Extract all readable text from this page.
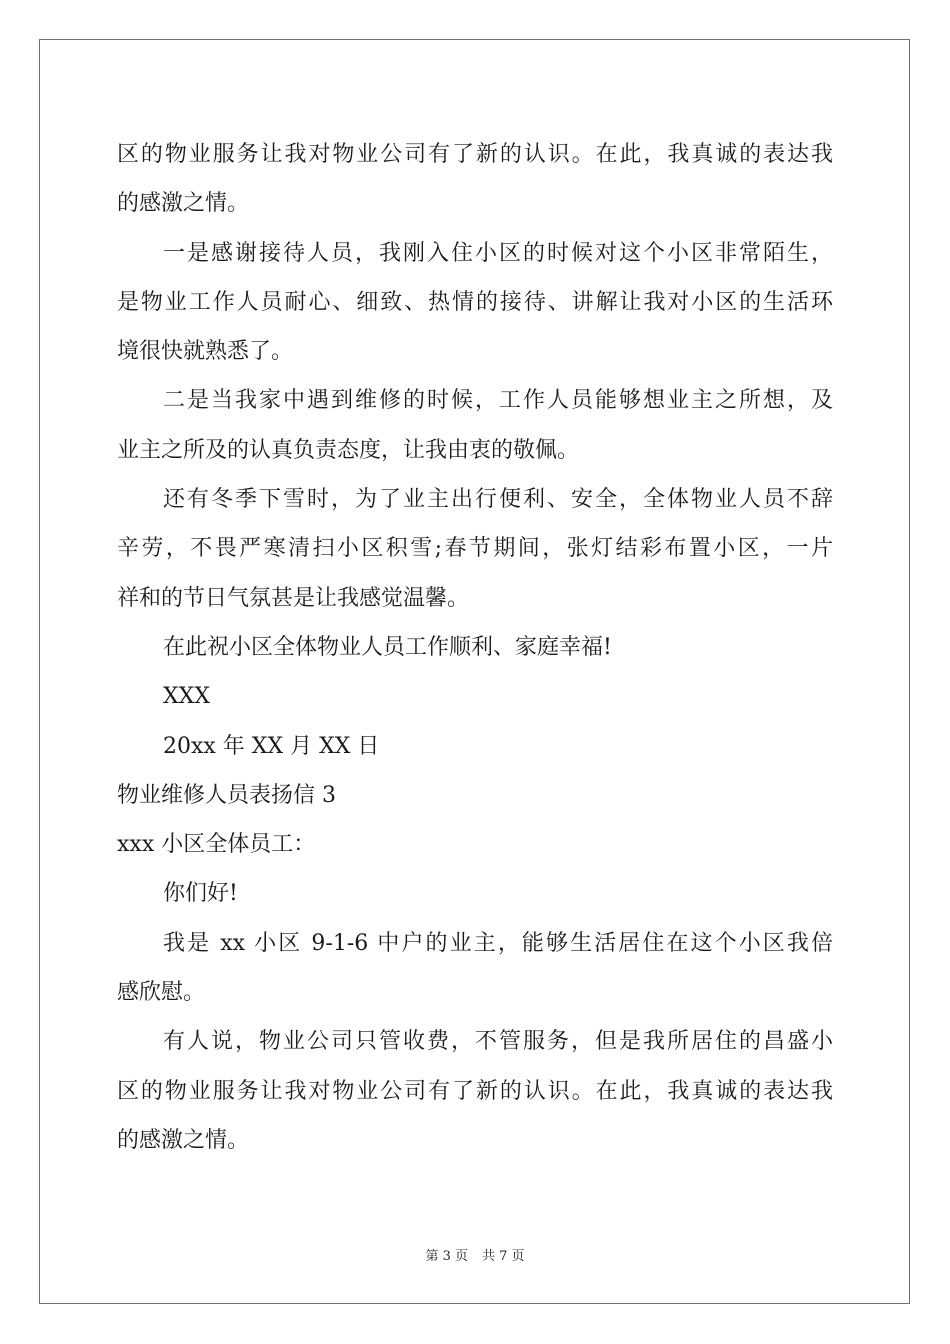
区的物业服务让我对物业公司有了新的认识。在此，我真诚的表达我
的感激之情。
一是感谢接待人员，我刚入住小区的时候对这个小区非常陌生，
是物业工作人员耐心、细致、热情的接待、讲解让我对小区的生活环
境很快就熟悉了。
二是当我家中遇到维修的时候，工作人员能够想业主之所想，及
业主之所及的认真负责态度，让我由衷的敬佩。
还有冬季下雪时，为了业主出行便利、安全，全体物业人员不辞
辛劳，不畏严寒清扫小区积雪;春节期间，张灯结彩布置小区，一片
祥和的节日气氛甚是让我感觉温馨。
在此祝小区全体物业人员工作顺利、家庭幸福!
XXX
20xx 年 XX 月 XX 日
物业维修人员表扬信 3
xxx 小区全体员工：
你们好!
我是 xx 小区 9-1-6 中户的业主，能够生活居住在这个小区我倍
感欣慰。
有人说，物业公司只管收费，不管服务，但是我所居住的昌盛小
区的物业服务让我对物业公司有了新的认识。在此，我真诚的表达我
的感激之情。
第 3 页 共 7 页
